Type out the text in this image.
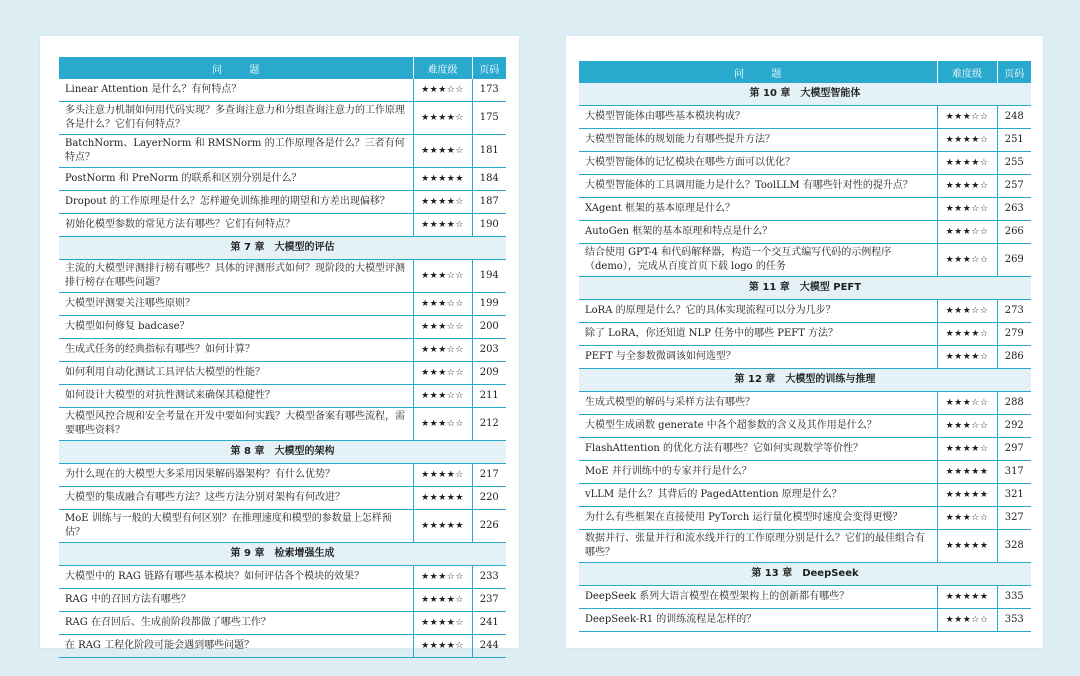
问 题	难度级	页码
Linear Attention 是什么？有何特点？	★★★☆☆	173
多头注意力机制如何用代码实现？多查询注意力和分组查询注意力的工作原理各是什么？它们有何特点？	★★★★☆	175
BatchNorm、LayerNorm 和 RMSNorm 的工作原理各是什么？三者有何特点？	★★★★☆	181
PostNorm 和 PreNorm 的联系和区别分别是什么？	★★★★★	184
Dropout 的工作原理是什么？怎样避免训练推理的期望和方差出现偏移？	★★★★☆	187
初始化模型参数的常见方法有哪些？它们有何特点？	★★★★☆	190
第 7 章　大模型的评估		
主流的大模型评测排行榜有哪些？具体的评测形式如何？现阶段的大模型评测排行榜存在哪些问题？	★★★☆☆	194
大模型评测要关注哪些原则？	★★★☆☆	199
大模型如何修复 badcase？	★★★☆☆	200
生成式任务的经典指标有哪些？如何计算？	★★★☆☆	203
如何利用自动化测试工具评估大模型的性能？	★★★☆☆	209
如何设计大模型的对抗性测试来确保其稳健性？	★★★☆☆	211
大模型风控合规和安全考量在开发中要如何实践？大模型备案有哪些流程，需要哪些资料？	★★★☆☆	212
第 8 章　大模型的架构		
为什么现在的大模型大多采用因果解码器架构？有什么优势？	★★★★☆	217
大模型的集成融合有哪些方法？这些方法分别对架构有何改进？	★★★★★	220
MoE 训练与一般的大模型有何区别？在推理速度和模型的参数量上怎样预估？	★★★★★	226
第 9 章　检索增强生成		
大模型中的 RAG 链路有哪些基本模块？如何评估各个模块的效果？	★★★☆☆	233
RAG 中的召回方法有哪些？	★★★★☆	237
RAG 在召回后、生成前阶段都做了哪些工作？	★★★★☆	241
在 RAG 工程化阶段可能会遇到哪些问题？	★★★★☆	244
问 题	难度级	页码
第 10 章　大模型智能体		
大模型智能体由哪些基本模块构成？	★★★☆☆	248
大模型智能体的规划能力有哪些提升方法？	★★★★☆	251
大模型智能体的记忆模块在哪些方面可以优化？	★★★★☆	255
大模型智能体的工具调用能力是什么？ToolLLM 有哪些针对性的提升点？	★★★★☆	257
XAgent 框架的基本原理是什么？	★★★☆☆	263
AutoGen 框架的基本原理和特点是什么？	★★★☆☆	266
结合使用 GPT-4 和代码解释器，构造一个交互式编写代码的示例程序（demo），完成从百度首页下载 logo 的任务	★★★☆☆	269
第 11 章　大模型 PEFT		
LoRA 的原理是什么？它的具体实现流程可以分为几步？	★★★☆☆	273
除了 LoRA，你还知道 NLP 任务中的哪些 PEFT 方法？	★★★★☆	279
PEFT 与全参数微调该如何选型？	★★★★☆	286
第 12 章　大模型的训练与推理		
生成式模型的解码与采样方法有哪些？	★★★☆☆	288
大模型生成函数 generate 中各个超参数的含义及其作用是什么？	★★★☆☆	292
FlashAttention 的优化方法有哪些？它如何实现数学等价性？	★★★★☆	297
MoE 并行训练中的专家并行是什么？	★★★★★	317
vLLM 是什么？其背后的 PagedAttention 原理是什么？	★★★★★	321
为什么有些框架在直接使用 PyTorch 运行量化模型时速度会变得更慢？	★★★☆☆	327
数据并行、张量并行和流水线并行的工作原理分别是什么？它们的最佳组合有哪些？	★★★★★	328
第 13 章　DeepSeek		
DeepSeek 系列大语言模型在模型架构上的创新都有哪些？	★★★★★	335
DeepSeek-R1 的训练流程是怎样的？	★★★☆☆	353
